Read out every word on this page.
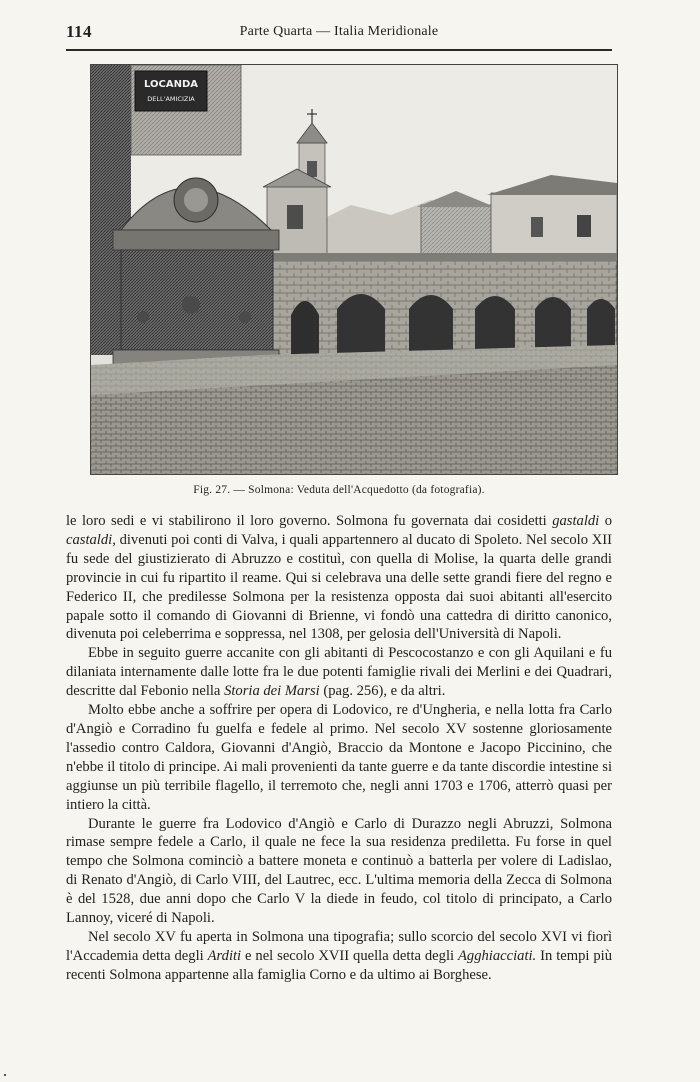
114	Parte Quarta — Italia Meridionale
LOCANDA
DELL'AMICIZIA
Fig. 27. — Solmona: Veduta dell'Acquedotto (da fotografia).

le loro sedi e vi stabilirono il loro governo. Solmona fu governata dai cosidetti gastaldi o castaldi, divenuti poi conti di Valva, i quali appartennero al ducato di Spoleto. Nel secolo XII fu sede del giustizierato di Abruzzo e costituì, con quella di Molise, la quarta delle grandi provincie in cui fu ripartito il reame. Qui si celebrava una delle sette grandi fiere del regno e Federico II, che predilesse Solmona per la resistenza opposta dai suoi abitanti all'esercito papale sotto il comando di Giovanni di Brienne, vi fondò una cattedra di diritto canonico, divenuta poi celeberrima e soppressa, nel 1308, per gelosia dell'Università di Napoli.

Ebbe in seguito guerre accanite con gli abitanti di Pescocostanzo e con gli Aquilani e fu dilaniata internamente dalle lotte fra le due potenti famiglie rivali dei Merlini e dei Quadrari, descritte dal Febonio nella Storia dei Marsi (pag. 256), e da altri.

Molto ebbe anche a soffrire per opera di Lodovico, re d'Ungheria, e nella lotta fra Carlo d'Angiò e Corradino fu guelfa e fedele al primo. Nel secolo XV sostenne gloriosamente l'assedio contro Caldora, Giovanni d'Angiò, Braccio da Montone e Jacopo Piccinino, che n'ebbe il titolo di principe. Ai mali provenienti da tante guerre e da tante discordie intestine si aggiunse un più terribile flagello, il terremoto che, negli anni 1703 e 1706, atterrò quasi per intiero la città.

Durante le guerre fra Lodovico d'Angiò e Carlo di Durazzo negli Abruzzi, Solmona rimase sempre fedele a Carlo, il quale ne fece la sua residenza prediletta. Fu forse in quel tempo che Solmona cominciò a battere moneta e continuò a batterla per volere di Ladislao, di Renato d'Angiò, di Carlo VIII, del Lautrec, ecc. L'ultima memoria della Zecca di Solmona è del 1528, due anni dopo che Carlo V la diede in feudo, col titolo di principato, a Carlo Lannoy, viceré di Napoli.

Nel secolo XV fu aperta in Solmona una tipografia; sullo scorcio del secolo XVI vi fiorì l'Accademia detta degli Arditi e nel secolo XVII quella detta degli Agghiacciati. In tempi più recenti Solmona appartenne alla famiglia Corno e da ultimo ai Borghese.
